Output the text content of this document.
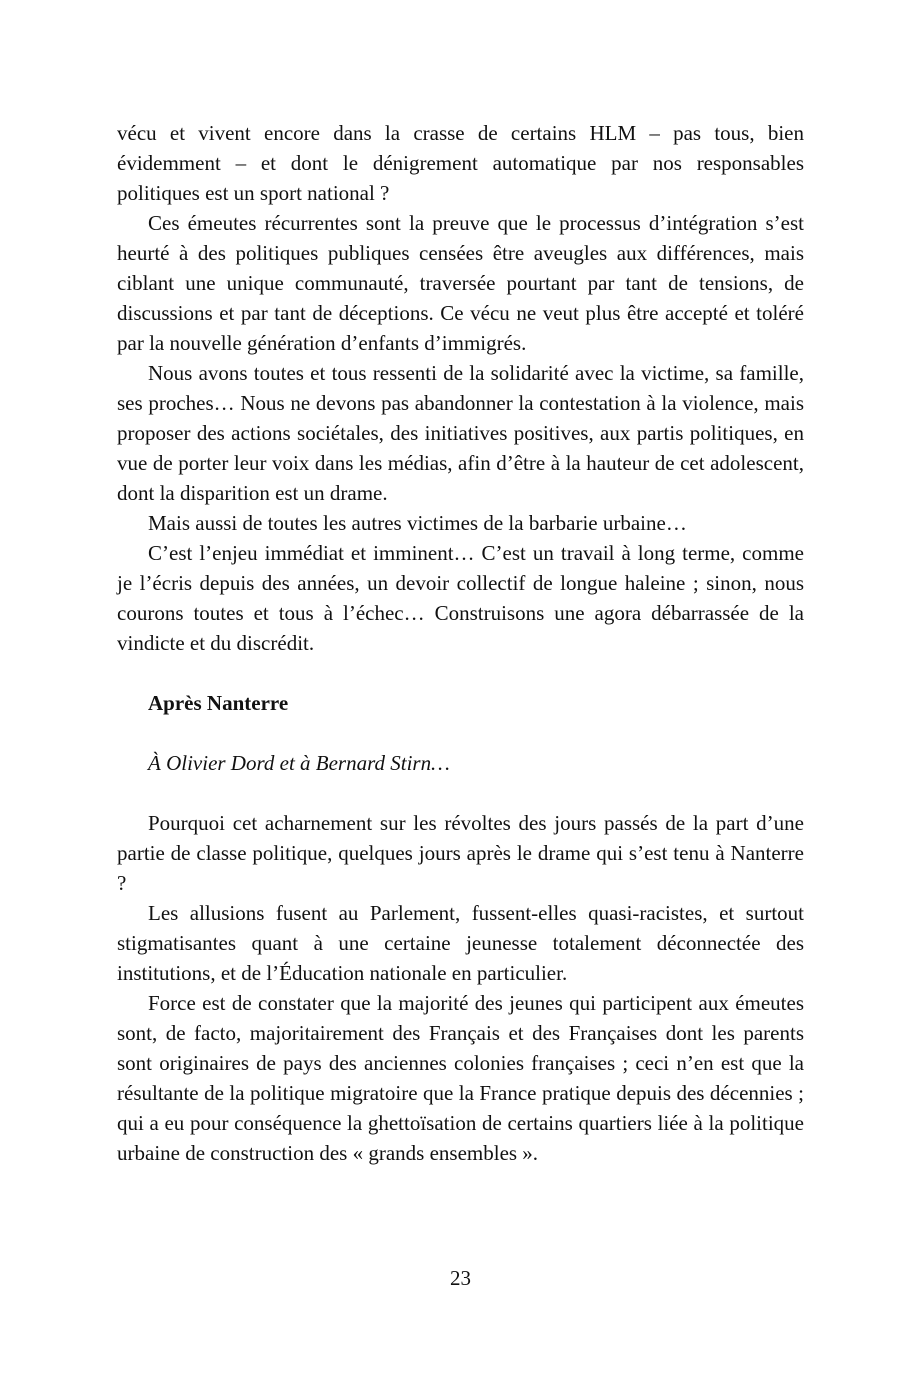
vécu et vivent encore dans la crasse de certains HLM – pas tous, bien évidemment – et dont le dénigrement automatique par nos responsables politiques est un sport national ?

Ces émeutes récurrentes sont la preuve que le processus d’intégration s’est heurté à des politiques publiques censées être aveugles aux différences, mais ciblant une unique communauté, traversée pourtant par tant de tensions, de discussions et par tant de déceptions. Ce vécu ne veut plus être accepté et toléré par la nouvelle génération d’enfants d’immigrés.

Nous avons toutes et tous ressenti de la solidarité avec la victime, sa famille, ses proches… Nous ne devons pas abandonner la contestation à la violence, mais proposer des actions sociétales, des initiatives positives, aux partis politiques, en vue de porter leur voix dans les médias, afin d’être à la hauteur de cet adolescent, dont la disparition est un drame.

Mais aussi de toutes les autres victimes de la barbarie urbaine…

C’est l’enjeu immédiat et imminent… C’est un travail à long terme, comme je l’écris depuis des années, un devoir collectif de longue haleine ; sinon, nous courons toutes et tous à l’échec… Construisons une agora débarrassée de la vindicte et du discrédit.

Après Nanterre

À Olivier Dord et à Bernard Stirn…

Pourquoi cet acharnement sur les révoltes des jours passés de la part d’une partie de classe politique, quelques jours après le drame qui s’est tenu à Nanterre ?

Les allusions fusent au Parlement, fussent-elles quasi-racistes, et surtout stigmatisantes quant à une certaine jeunesse totalement déconnectée des institutions, et de l’Éducation nationale en particulier.

Force est de constater que la majorité des jeunes qui participent aux émeutes sont, de facto, majoritairement des Français et des Françaises dont les parents sont originaires de pays des anciennes colonies françaises ; ceci n’en est que la résultante de la politique migratoire que la France pratique depuis des décennies ; qui a eu pour conséquence la ghettoïsation de certains quartiers liée à la politique urbaine de construction des « grands ensembles ».

23
